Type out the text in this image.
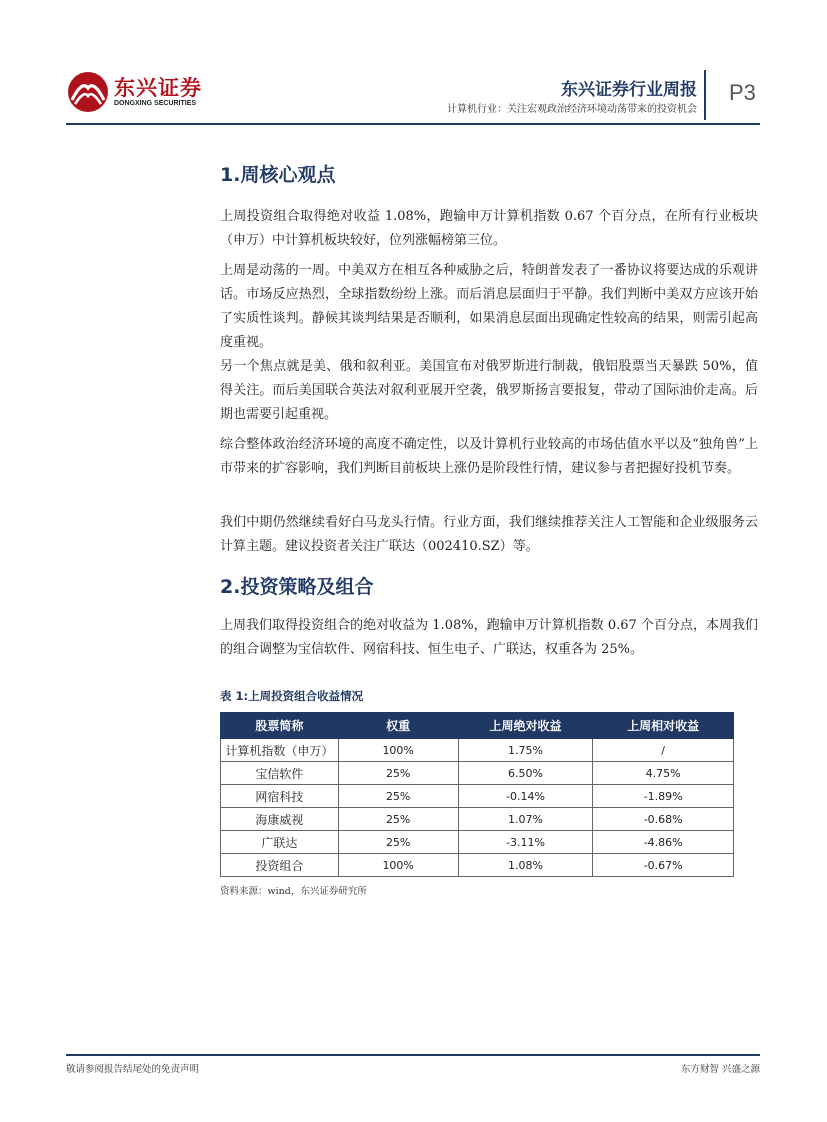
东兴证券
DONGXING SECURITIES
东兴证券行业周报
计算机行业：关注宏观政治经济环境动荡带来的投资机会
P3
1.周核心观点
上周投资组合取得绝对收益 1.08%，跑输申万计算机指数 0.67 个百分点，在所有行业板块（申万）中计算机板块较好，位列涨幅榜第三位。
上周是动荡的一周。中美双方在相互各种威胁之后，特朗普发表了一番协议将要达成的乐观讲话。市场反应热烈，全球指数纷纷上涨。而后消息层面归于平静。我们判断中美双方应该开始了实质性谈判。静候其谈判结果是否顺利，如果消息层面出现确定性较高的结果，则需引起高度重视。
另一个焦点就是美、俄和叙利亚。美国宣布对俄罗斯进行制裁，俄铝股票当天暴跌 50%，值得关注。而后美国联合英法对叙利亚展开空袭，俄罗斯扬言要报复，带动了国际油价走高。后期也需要引起重视。
综合整体政治经济环境的高度不确定性，以及计算机行业较高的市场估值水平以及“独角兽”上市带来的扩容影响，我们判断目前板块上涨仍是阶段性行情，建议参与者把握好投机节奏。
我们中期仍然继续看好白马龙头行情。行业方面，我们继续推荐关注人工智能和企业级服务云计算主题。建议投资者关注广联达（002410.SZ）等。
2.投资策略及组合
上周我们取得投资组合的绝对收益为 1.08%，跑输申万计算机指数 0.67 个百分点，本周我们的组合调整为宝信软件、网宿科技、恒生电子、广联达，权重各为 25%。
表 1:上周投资组合收益情况
股票简称	权重	上周绝对收益	上周相对收益
计算机指数（申万）	100%	1.75%	/
宝信软件	25%	6.50%	4.75%
网宿科技	25%	-0.14%	-1.89%
海康威视	25%	1.07%	-0.68%
广联达	25%	-3.11%	-4.86%
投资组合	100%	1.08%	-0.67%
资料来源：wind，东兴证券研究所
敬请参阅报告结尾处的免责声明	东方财智 兴盛之源
